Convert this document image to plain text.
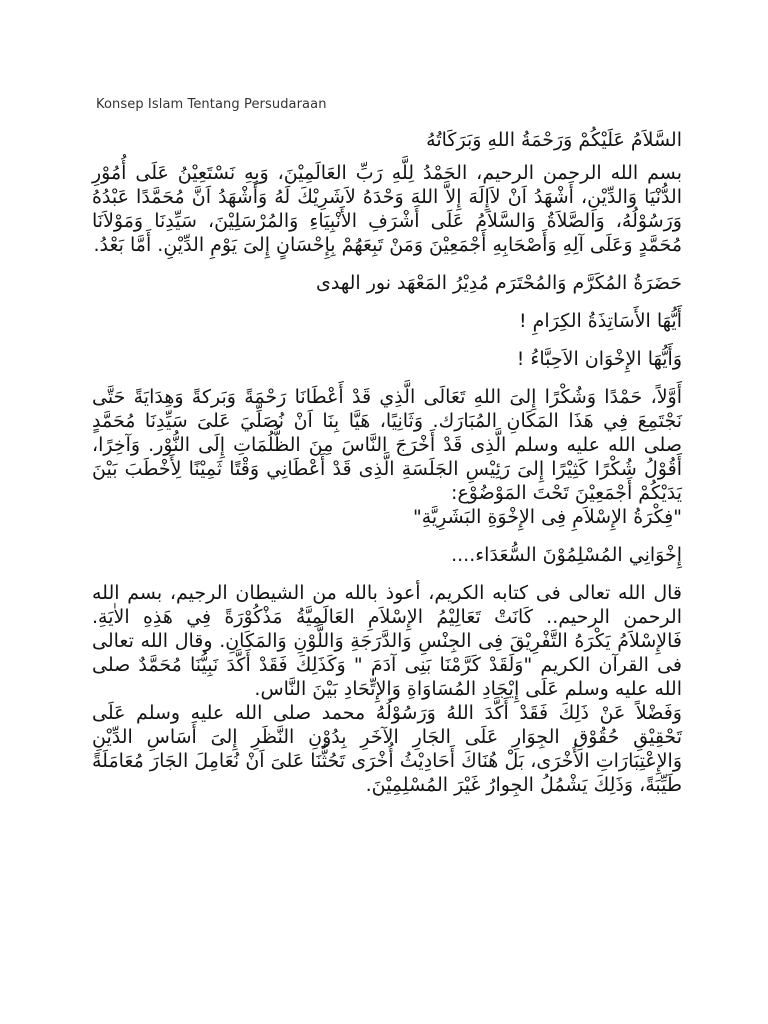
Konsep Islam Tentang Persudaraan

السَّلاَمُ عَلَيْكُمْ وَرَحْمَةُ اللهِ وَبَرَكَاتُهُ

بسم الله الرحمن الرحيم، الحَمْدُ لِلَّهِ رَبِّ العَالَمِيْنَ، وَبِهِ نَسْتَعِيْنُ عَلَى أُمُوْرِ الدُّنْيَا وَالدِّيْنِ، أَشْهَدُ اَنْ لاَإِلَهَ إِلاَّ اللهَ وَحْدَهُ لاَشَرِيْكَ لَهُ وَأَشْهَدُ اَنَّ مُحَمَّدًا عَبْدُهُ وَرَسُوْلُهُ، وَالصَّلاَةُ وَالسَّلاَمُ عَلَى أَشْرَفِ الأَنْبِيَاءِ وَالمُرْسَلِيْنَ، سَيِّدِنَا وَمَوْلاَنَا مُحَمَّدٍ وَعَلَى آلِهِ وَأَصْحَابِهِ أَجْمَعِيْنَ وَمَنْ تَبِعَهُمْ بِإِحْسَانٍ إِلىَ يَوْمِ الدِّيْنِ. أَمَّا بَعْدُ.

حَضَرَةُ المُكَرَّم وَالمُحْتَرَم مُدِيْرُ المَعْهَد نور الهدى

أَيُّهَا الأَسَاتِذَةُ الكِرَامِ !

وَأَيُّهَا الإِخْوَان الاَحِبَّاءُ !

أَوَّلاً، حَمْدًا وَشُكْرًا إِلىَ اللهِ تَعَالَى الَّذِي قَدْ أَعْطَانَا رَحْمَةً وَبَركةً وَهِدَايَةً حَتَّى نَجْتَمِعَ فِي هَذَا المَكَانِ المُبَارَك. وَثَانِيًا، هَيَّا بِنَا اَنْ نُصَلِّيَ عَلىَ سَيِّدِنَا مُحَمَّدٍ صلى الله عليه وسلم الَّذِى قَدْ أَخْرَجَ النَّاسَ مِنَ الظُّلُمَاتِ إِلَى النُّوْر. وَآخِرًا، أَقُوْلُ شُكْرًا كَثِيْرًا إِلىَ رَئِيْسِ الجَلَسَةِ الَّذِى قَدْ أَعْطَانِي وَقْتًا ثَمِيْنًا لِأَخْطَبَ بَيْنَ يَدَيْكُمْ أَجْمَعِيْنَ تَحْتَ المَوْضُوْع:

"فِكْرَةُ الإِسْلاَمِ فِى الإِخْوَةِ البَشَرِيَّةِ"

إِخْوَانِي المُسْلِمُوْنَ السُّعَدَاء....

قال الله تعالى فى كتابه الكريم، أعوذ بالله من الشيطان الرجيم، بسم الله الرحمن الرحيم.. كَانَتْ تَعَالِيْمُ الإِسْلاَمِ العَالَمِيَّةُ مَذْكُوْرَةً فِي هَذِهِ الاٰيَةِ. فَالإِسْلاَمُ يَكْرَهُ التَّفْرِيْقَ فِى الجِنْسِ وَالدَّرَجَةِ وَاللَّوْنِ وَالمَكَانِ. وقال الله تعالى فى القرآن الكريم "وَلَقَدْ كَرَّمْنَا بَنِى آدَمَ " وَكَذَلِكَ فَقَدْ أَكَّدَ نَبِيُّنَا مُحَمَّدٌ صلى الله عليه وسلم عَلَى إِيْجَادِ المُسَاوَاةِ وَالإِتِّحَادِ بَيْنَ النَّاس.

وَفَضْلاً عَنْ ذَلِكَ فَقَدْ أَكَّدَ اللهُ وَرَسُوْلُهُ محمد صلى الله عليه وسلم عَلَى تَحْقِيْقِ حُقُوْقِ الجِوَارِ عَلَى الجَارِ الآخَرِ بِدُوْنِ النَّظَرِ إِلىَ أَسَاسِ الدِّيْنِ وَالإِعْتِبَارَاتِ الأُخْرَى، بَلْ هُنَاكَ أَحَادِيْثُ أُخْرَى تَحُثُّنَا عَلىَ اَنْ نُعَامِلَ الجَارَ مُعَامَلَةً طَيِّبَةً، وَذَلِكَ يَشْمُلُ الجِوارُ غَيْرَ المُسْلِمِيْنَ.
